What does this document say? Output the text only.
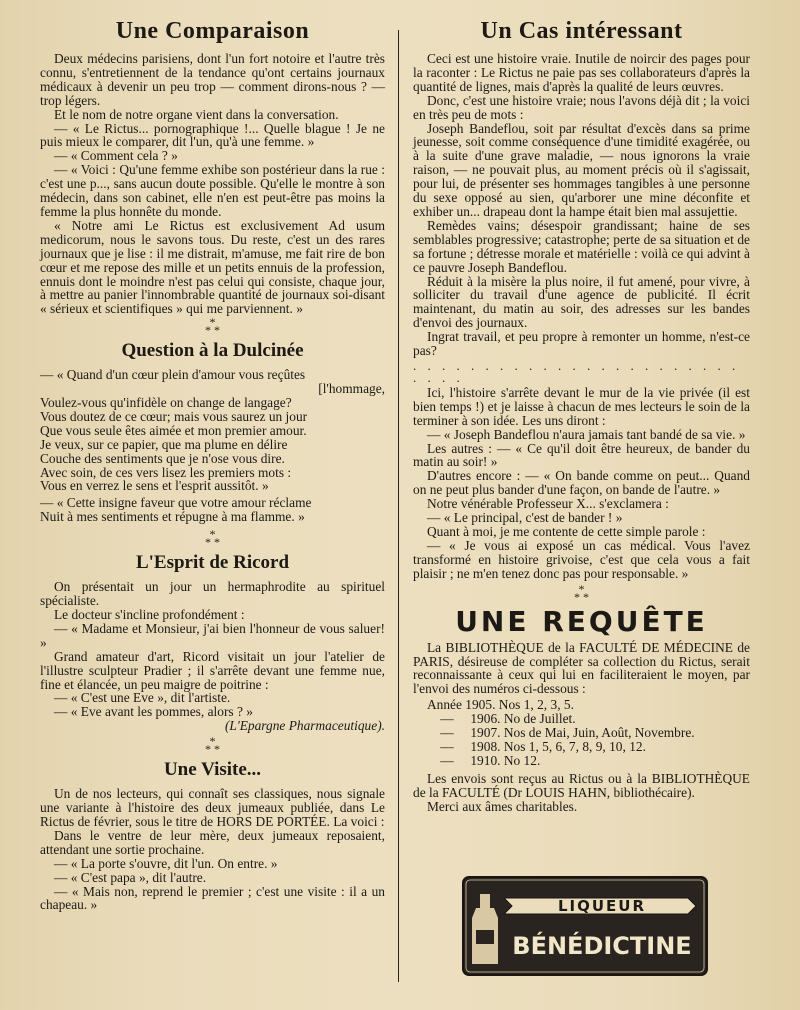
Une Comparaison

Deux médecins parisiens, dont l'un fort notoire et l'autre très connu, s'entretiennent de la tendance qu'ont certains journaux médicaux à devenir un peu trop — comment dirons-nous ? — trop légers.

Et le nom de notre organe vient dans la conversation.

— « Le Rictus... pornographique !... Quelle blague ! Je ne puis mieux le comparer, dit l'un, qu'à une femme. »

— « Comment cela ? »

— « Voici : Qu'une femme exhibe son postérieur dans la rue : c'est une p..., sans aucun doute possible. Qu'elle le montre à son médecin, dans son cabinet, elle n'en est peut-être pas moins la femme la plus honnête du monde.

« Notre ami Le Rictus est exclusivement Ad usum medicorum, nous le savons tous. Du reste, c'est un des rares journaux que je lise : il me distrait, m'amuse, me fait rire de bon cœur et me repose des mille et un petits ennuis de la profession, ennuis dont le moindre n'est pas celui qui consiste, chaque jour, à mettre au panier l'innombrable quantité de journaux soi-disant « sérieux et scientifiques » qui me parviennent. »

*
* *
Question à la Dulcinée

— « Quand d'un cœur plein d'amour vous reçûtes

[l'hommage,

Voulez-vous qu'infidèle on change de langage?

Vous doutez de ce cœur; mais vous saurez un jour

Que vous seule êtes aimée et mon premier amour.

Je veux, sur ce papier, que ma plume en délire

Couche des sentiments que je n'ose vous dire.

Avec soin, de ces vers lisez les premiers mots :

Vous en verrez le sens et l'esprit aussitôt. »

— « Cette insigne faveur que votre amour réclame

Nuit à mes sentiments et répugne à ma flamme. »

*
* *
L'Esprit de Ricord

On présentait un jour un hermaphrodite au spirituel spécialiste.

Le docteur s'incline profondément :

— « Madame et Monsieur, j'ai bien l'honneur de vous saluer! »

Grand amateur d'art, Ricord visitait un jour l'atelier de l'illustre sculpteur Pradier ; il s'arrête devant une femme nue, fine et élancée, un peu maigre de poitrine :

— « C'est une Eve », dit l'artiste.

— « Eve avant les pommes, alors ? »

(L'Epargne Pharmaceutique).

*
* *
Une Visite...

Un de nos lecteurs, qui connaît ses classiques, nous signale une variante à l'histoire des deux jumeaux publiée, dans Le Rictus de février, sous le titre de HORS DE PORTÉE. La voici :

Dans le ventre de leur mère, deux jumeaux reposaient, attendant une sortie prochaine.

— « La porte s'ouvre, dit l'un. On entre. »

— « C'est papa », dit l'autre.

— « Mais non, reprend le premier ; c'est une visite : il a un chapeau. »

Un Cas intéressant

Ceci est une histoire vraie. Inutile de noircir des pages pour la raconter : Le Rictus ne paie pas ses collaborateurs d'après la quantité de lignes, mais d'après la qualité de leurs œuvres.

Donc, c'est une histoire vraie; nous l'avons déjà dit ; la voici en très peu de mots :

Joseph Bandeflou, soit par résultat d'excès dans sa prime jeunesse, soit comme conséquence d'une timidité exagérée, ou à la suite d'une grave maladie, — nous ignorons la vraie raison, — ne pouvait plus, au moment précis où il s'agissait, pour lui, de présenter ses hommages tangibles à une personne du sexe opposé au sien, qu'arborer une mine déconfite et exhiber un... drapeau dont la hampe était bien mal assujettie.

Remèdes vains; désespoir grandissant; haine de ses semblables progressive; catastrophe; perte de sa situation et de sa fortune ; détresse morale et matérielle : voilà ce qui advint à ce pauvre Joseph Bandeflou.

Réduit à la misère la plus noire, il fut amené, pour vivre, à solliciter du travail d'une agence de publicité. Il écrit maintenant, du matin au soir, des adresses sur les bandes d'envoi des journaux.

Ingrat travail, et peu propre à remonter un homme, n'est-ce pas?

. . . . . . . . . . . . . . . . . . . . . . . . . . .

Ici, l'histoire s'arrête devant le mur de la vie privée (il est bien temps !) et je laisse à chacun de mes lecteurs le soin de la terminer à son idée. Les uns diront :

— « Joseph Bandeflou n'aura jamais tant bandé de sa vie. »

Les autres : — « Ce qu'il doit être heureux, de bander du matin au soir! »

D'autres encore : — « On bande comme on peut... Quand on ne peut plus bander d'une façon, on bande de l'autre. »

Notre vénérable Professeur X... s'exclamera :

— « Le principal, c'est de bander ! »

Quant à moi, je me contente de cette simple parole :

— « Je vous ai exposé un cas médical. Vous l'avez transformé en histoire grivoise, c'est que cela vous a fait plaisir ; ne m'en tenez donc pas pour responsable. »

*
* *
UNE REQUÊTE

La BIBLIOTHÈQUE de la FACULTÉ DE MÉDECINE de PARIS, désireuse de compléter sa collection du Rictus, serait reconnaissante à ceux qui lui en faciliteraient le moyen, par l'envoi des numéros ci-dessous :

Année 1905. Nos 1, 2, 3, 5.
— 1906. No de Juillet.
— 1907. Nos de Mai, Juin, Août, Novembre.
— 1908. Nos 1, 5, 6, 7, 8, 9, 10, 12.
— 1910. No 12.

Les envois sont reçus au Rictus ou à la BIBLIOTHÈQUE de la FACULTÉ (Dr LOUIS HAHN, bibliothécaire).

Merci aux âmes charitables.

LIQUEUR
BÉNÉDICTINE
